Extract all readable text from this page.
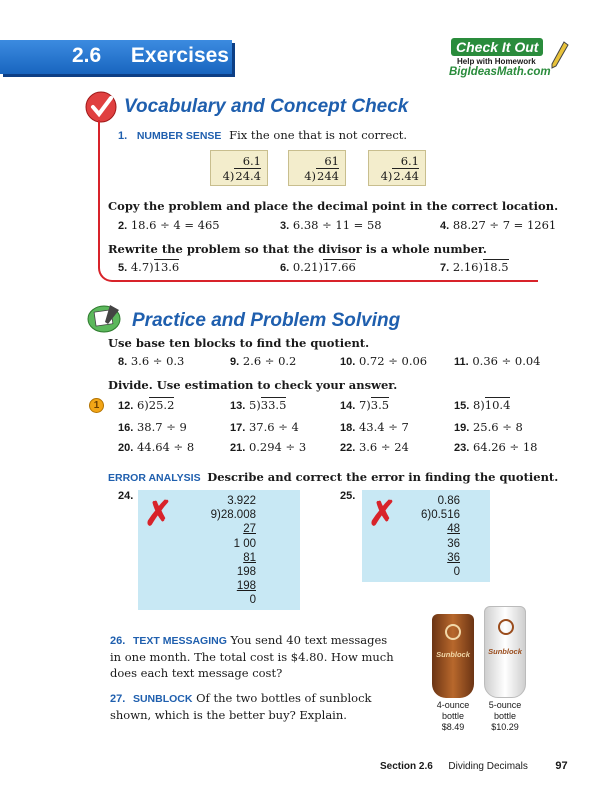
2.6 Exercises	Check It Out
Help with Homework
BigIdeasMath.com
Vocabulary and Concept Check
1. NUMBER SENSE Fix the one that is not correct.
6.1
4)24.4
61
4)244
6.1
4)2.44
Copy the problem and place the decimal point in the correct location.
2. 18.6 ÷ 4 = 465	3. 6.38 ÷ 11 = 58	4. 88.27 ÷ 7 = 1261
Rewrite the problem so that the divisor is a whole number.
5. 4.7)13.6	6. 0.21)17.66	7. 2.16)18.5
Practice and Problem Solving
Use base ten blocks to find the quotient.
8. 3.6 ÷ 0.3	9. 2.6 ÷ 0.2	10. 0.72 ÷ 0.06 11. 0.36 ÷ 0.04
Divide. Use estimation to check your answer.
1	12. 6)25.2	13. 5)33.5	14. 7)3.5	15. 8)10.4
16. 38.7 ÷ 9	17. 37.6 ÷ 4	18. 43.4 ÷ 7	19. 25.6 ÷ 8
20. 44.64 ÷ 8	21. 0.294 ÷ 3	22. 3.6 ÷ 24	23. 64.26 ÷ 18
ERROR ANALYSIS Describe and correct the error in finding the quotient.
24. ✗	3.922
9)28.008
27
1 00
81
198
198
0
25. ✗	0.86
6)0.516
48
36
36
0
26. TEXT MESSAGING You send 40 text messages in one month. The total cost is $4.80. How much does each text message cost?
27. SUNBLOCK Of the two bottles of sunblock shown, which is the better buy? Explain.
Sunblock	Sunblock
4-ounce
bottle
$8.49
5-ounce
bottle
$10.29
Section 2.6 Dividing Decimals	97
